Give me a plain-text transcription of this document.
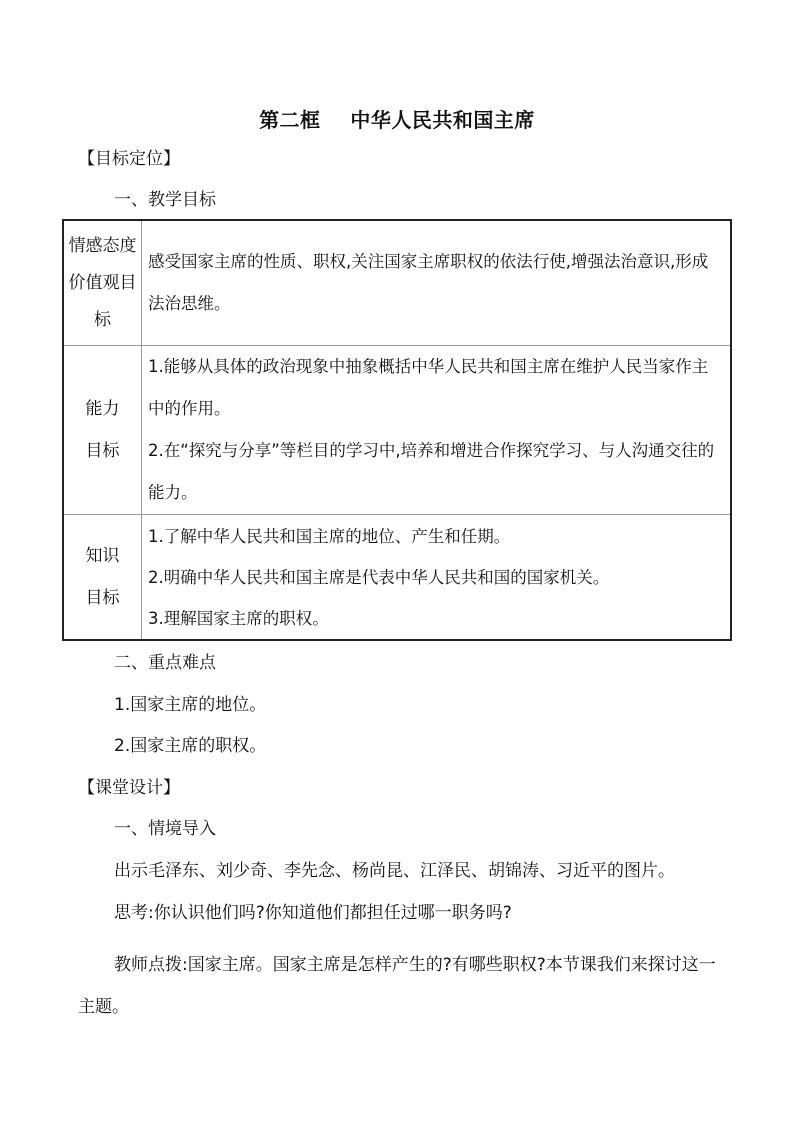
第二框    中华人民共和国主席
【目标定位】
一、教学目标
情感态度价值观目标	感受国家主席的性质、职权,关注国家主席职权的依法行使,增强法治意识,形成法治思维。

能力目标	1.能够从具体的政治现象中抽象概括中华人民共和国主席在维护人民当家作主中的作用。

2.在“探究与分享”等栏目的学习中,培养和增进合作探究学习、与人沟通交往的能力。

知识目标	1.了解中华人民共和国主席的地位、产生和任期。

2.明确中华人民共和国主席是代表中华人民共和国的国家机关。

3.理解国家主席的职权。

二、重点难点
1.国家主席的地位。
2.国家主席的职权。
【课堂设计】
一、情境导入
出示毛泽东、刘少奇、李先念、杨尚昆、江泽民、胡锦涛、习近平的图片。
思考:你认识他们吗?你知道他们都担任过哪一职务吗?
教师点拨:国家主席。国家主席是怎样产生的?有哪些职权?本节课我们来探讨这一主题。
